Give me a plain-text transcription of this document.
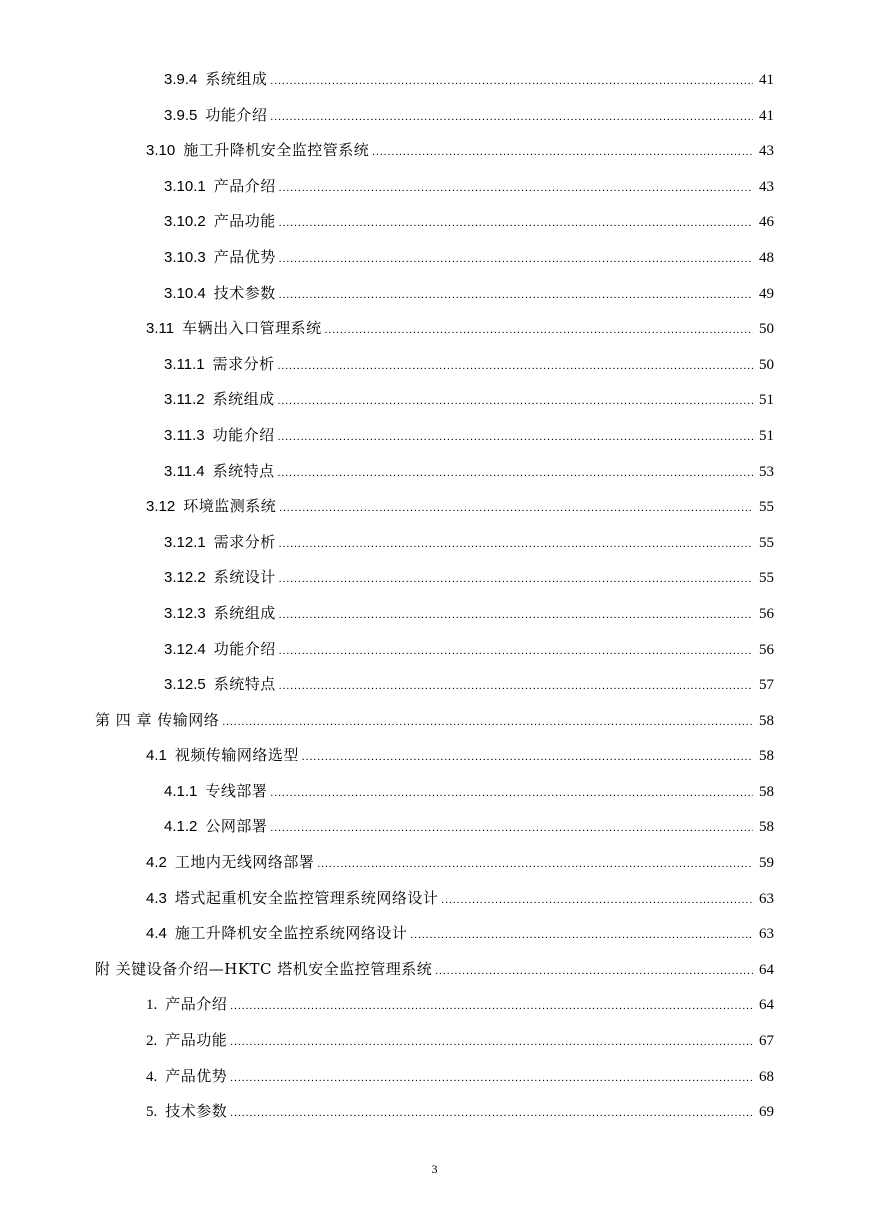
3.9.4 系统组成 .....	41
3.9.5 功能介绍 .....	41
3.10 施工升降机安全监控管系统 .....	43
3.10.1 产品介绍 .....	43
3.10.2 产品功能 .....	46
3.10.3 产品优势 .....	48
3.10.4 技术参数 .....	49
3.11 车辆出入口管理系统 .....	50
3.11.1 需求分析 .....	50
3.11.2 系统组成 .....	51
3.11.3 功能介绍 .....	51
3.11.4 系统特点 .....	53
3.12 环境监测系统 .....	55
3.12.1 需求分析 .....	55
3.12.2 系统设计 .....	55
3.12.3 系统组成 .....	56
3.12.4 功能介绍 .....	56
3.12.5 系统特点 .....	57
第 四 章 传输网络 .....	58
4.1 视频传输网络选型 .....	58
4.1.1 专线部署 .....	58
4.1.2 公网部署 .....	58
4.2 工地内无线网络部署 .....	59
4.3 塔式起重机安全监控管理系统网络设计 .....	63
4.4 施工升降机安全监控系统网络设计 .....	63
附 关键设备介绍—HKTC 塔机安全监控管理系统 .....	64
1. 产品介绍 .....	64
2. 产品功能 .....	67
4. 产品优势 .....	68
5. 技术参数 .....	69
3
